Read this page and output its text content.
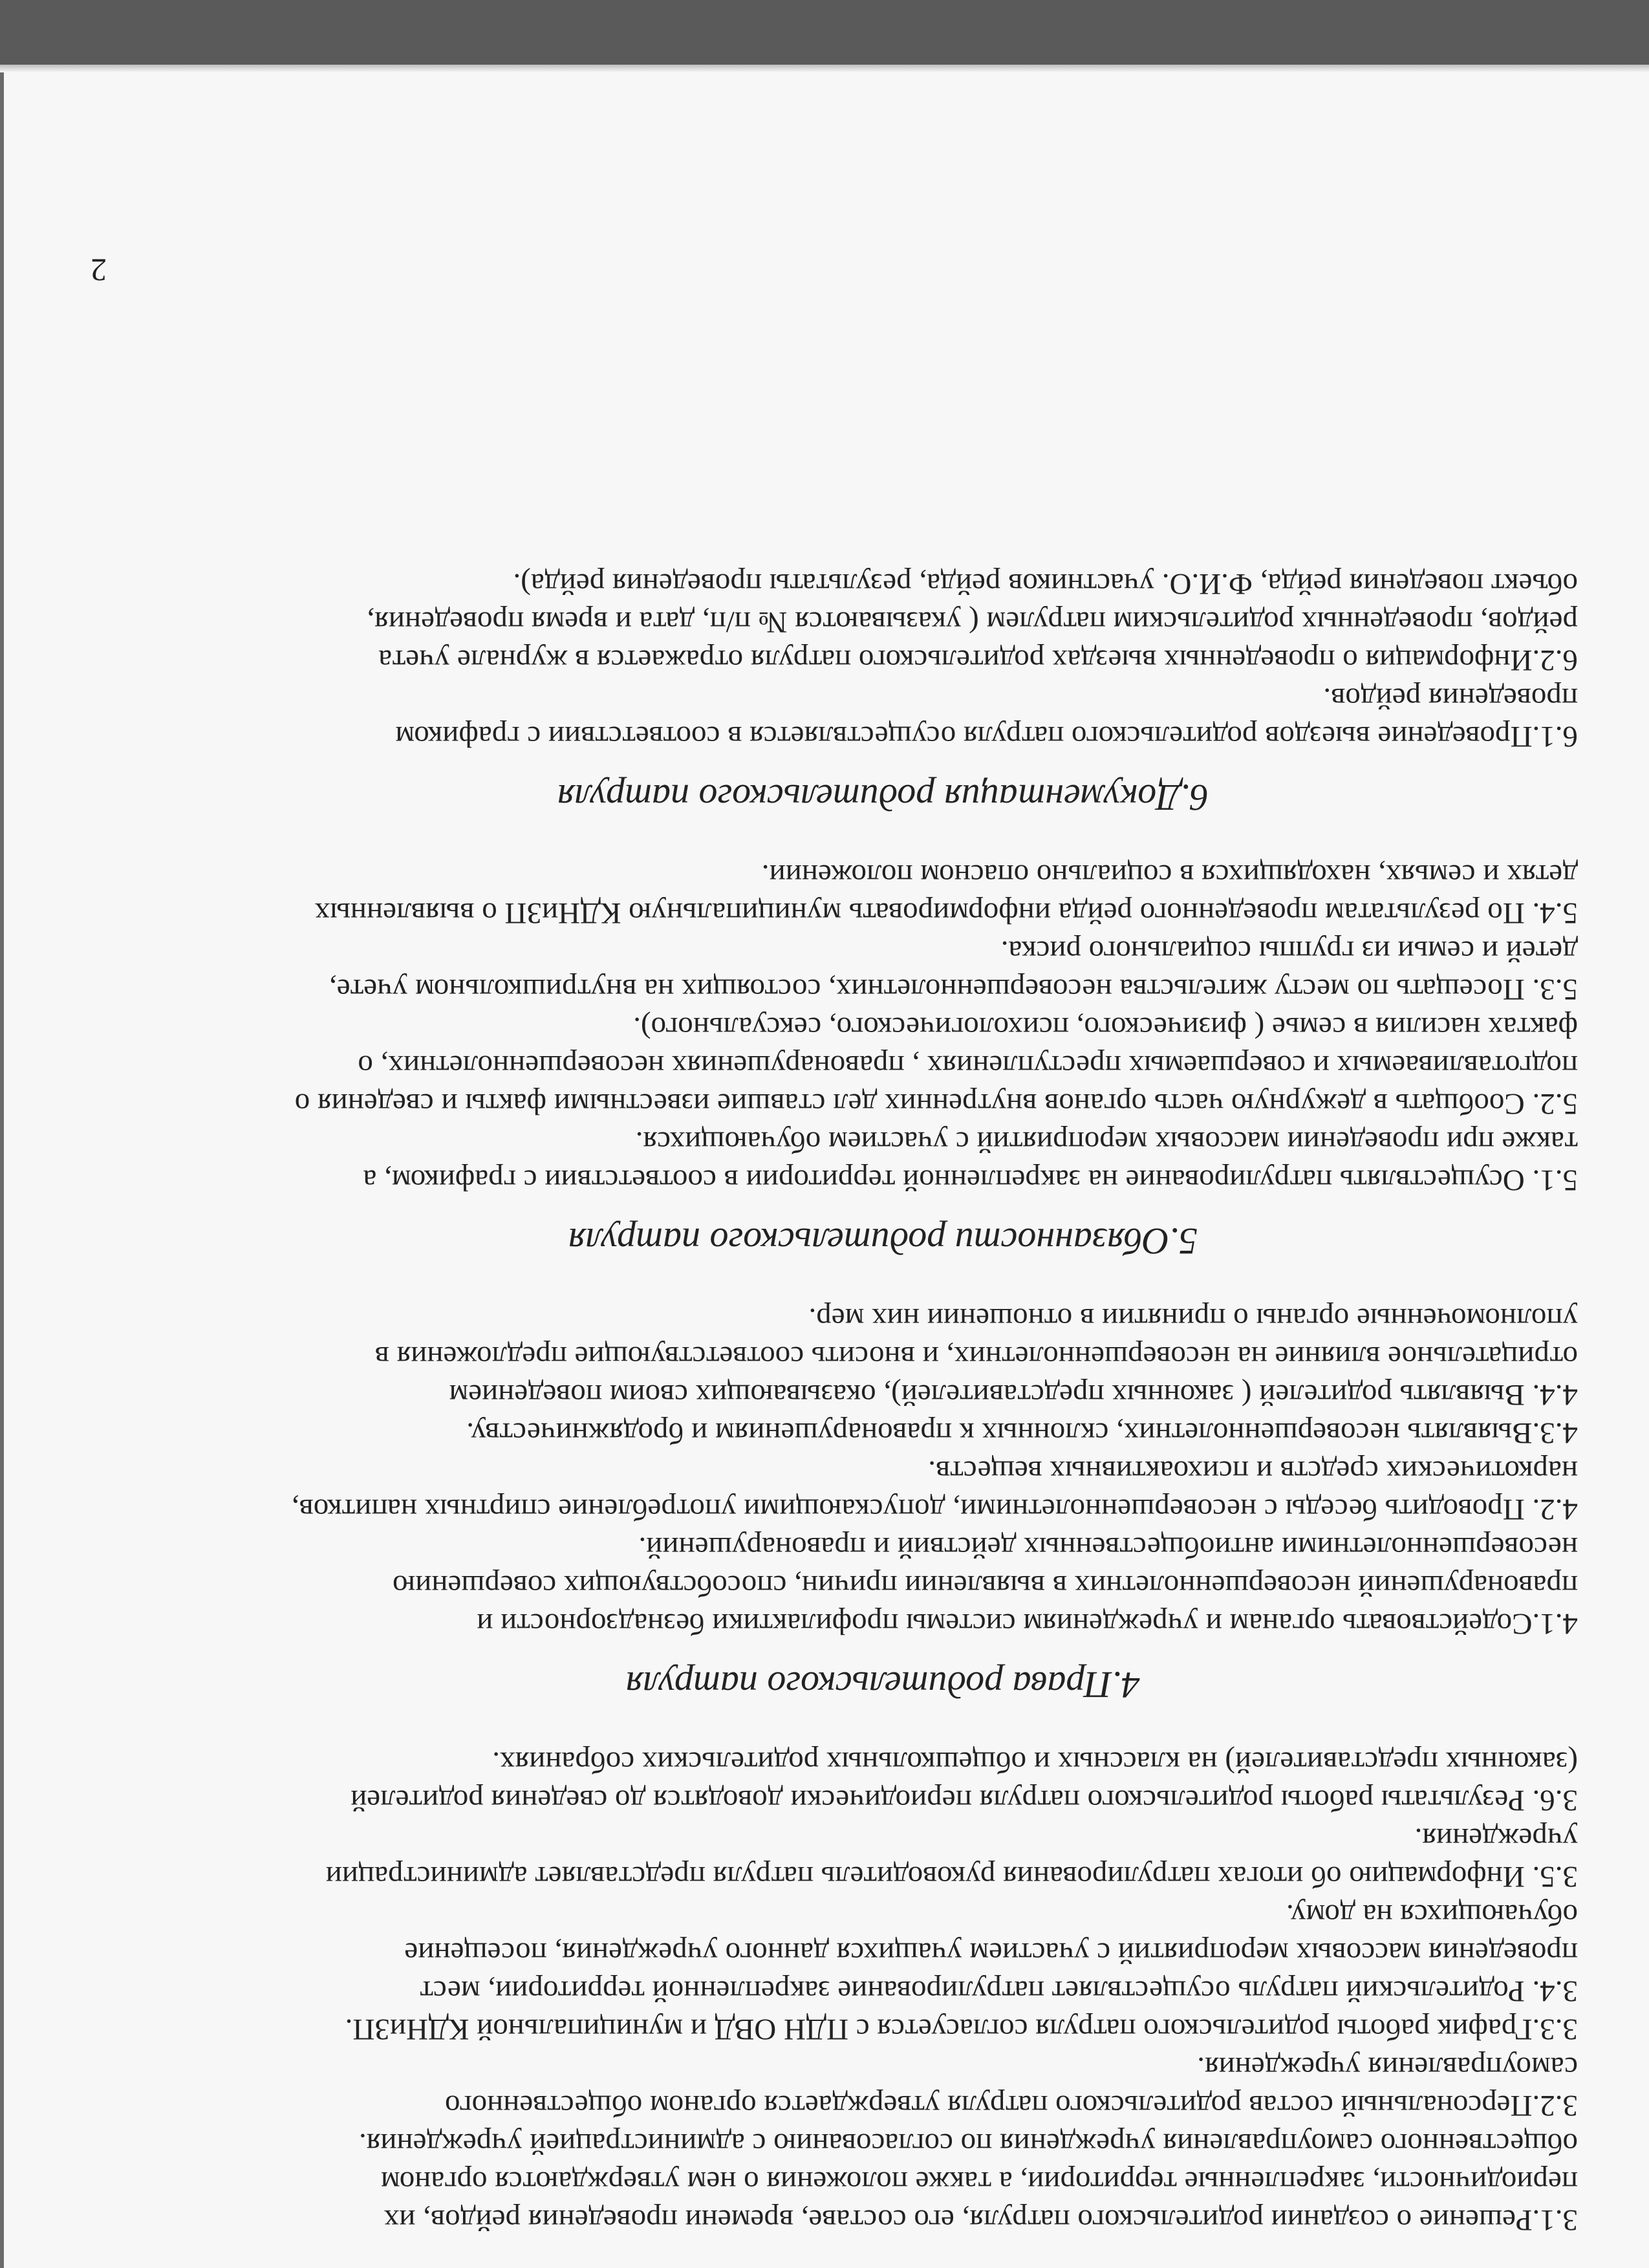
3.1.Решение о создании родительского патруля, его составе, времени проведения рейдов, их

периодичности, закрепленные территории, а также положения о нем утверждаются органом

общественного самоуправления учреждения по согласованию с администрацией учреждения.

3.2.Персональный состав родительского патруля утверждается органом общественного

самоуправления учреждения.

3.3.График работы родительского патруля согласуется с ПДН ОВД и муниципальной КДНиЗП.

3.4. Родительский патруль осуществляет патрулирование закрепленной территории, мест

проведения массовых мероприятий с участием учащихся данного учреждения, посещение

обучающихся на дому.

3.5. Информацию об итогах патрулирования руководитель патруля представляет администрации

учреждения.

3.6. Результаты работы родительского патруля периодически доводятся до сведения родителей

(законных представителей) на классных и общешкольных родительских собраниях.

4.Права родительского патруля

4.1.Содействовать органам и учреждениям системы профилактики безнадзорности и

правонарушений несовершеннолетних в выявлении причин, способствующих совершению

несовершеннолетними антиобщественных действий и правонарушений.

4.2. Проводить беседы с несовершеннолетними, допускающими употребление спиртных напитков,

наркотических средств и психоактивных веществ.

4.3.Выявлять несовершеннолетних, склонных к правонарушениям и бродяжничеству.

4.4. Выявлять родителей ( законных представителей), оказывающих своим поведением

отрицательное влияние на несовершеннолетних, и вносить соответствующие предложения в

уполномоченные органы о принятии в отношении них мер.

5.Обязанности родительского патруля

5.1. Осуществлять патрулирование на закрепленной территории в соответствии с графиком, а

также при проведении массовых мероприятий с участием обучающихся.

5.2. Сообщать в дежурную часть органов внутренних дел ставшие известными факты и сведения о

подготавливаемых и совершаемых преступлениях , правонарушениях несовершеннолетних, о

фактах насилия в семье ( физического, психологического, сексуального).

5.3. Посещать по месту жительства несовершеннолетних, состоящих на внутришкольном учете,

детей и семьи из группы социального риска.

5.4. По результатам проведенного рейда информировать муниципальную КДНиЗП о выявленных

детях и семьях, находящихся в социально опасном положении.

6.Документация родительского патруля

6.1.Проведение выездов родительского патруля осуществляется в соответствии с графиком

проведения рейдов.

6.2.Информация о проведенных выездах родительского патруля отражается в журнале учета

рейдов, проведенных родительским патрулем ( указываются № п/п, дата и время проведения,

объект поведения рейда, Ф.И.О. участников рейда, результаты проведения рейда).

2
